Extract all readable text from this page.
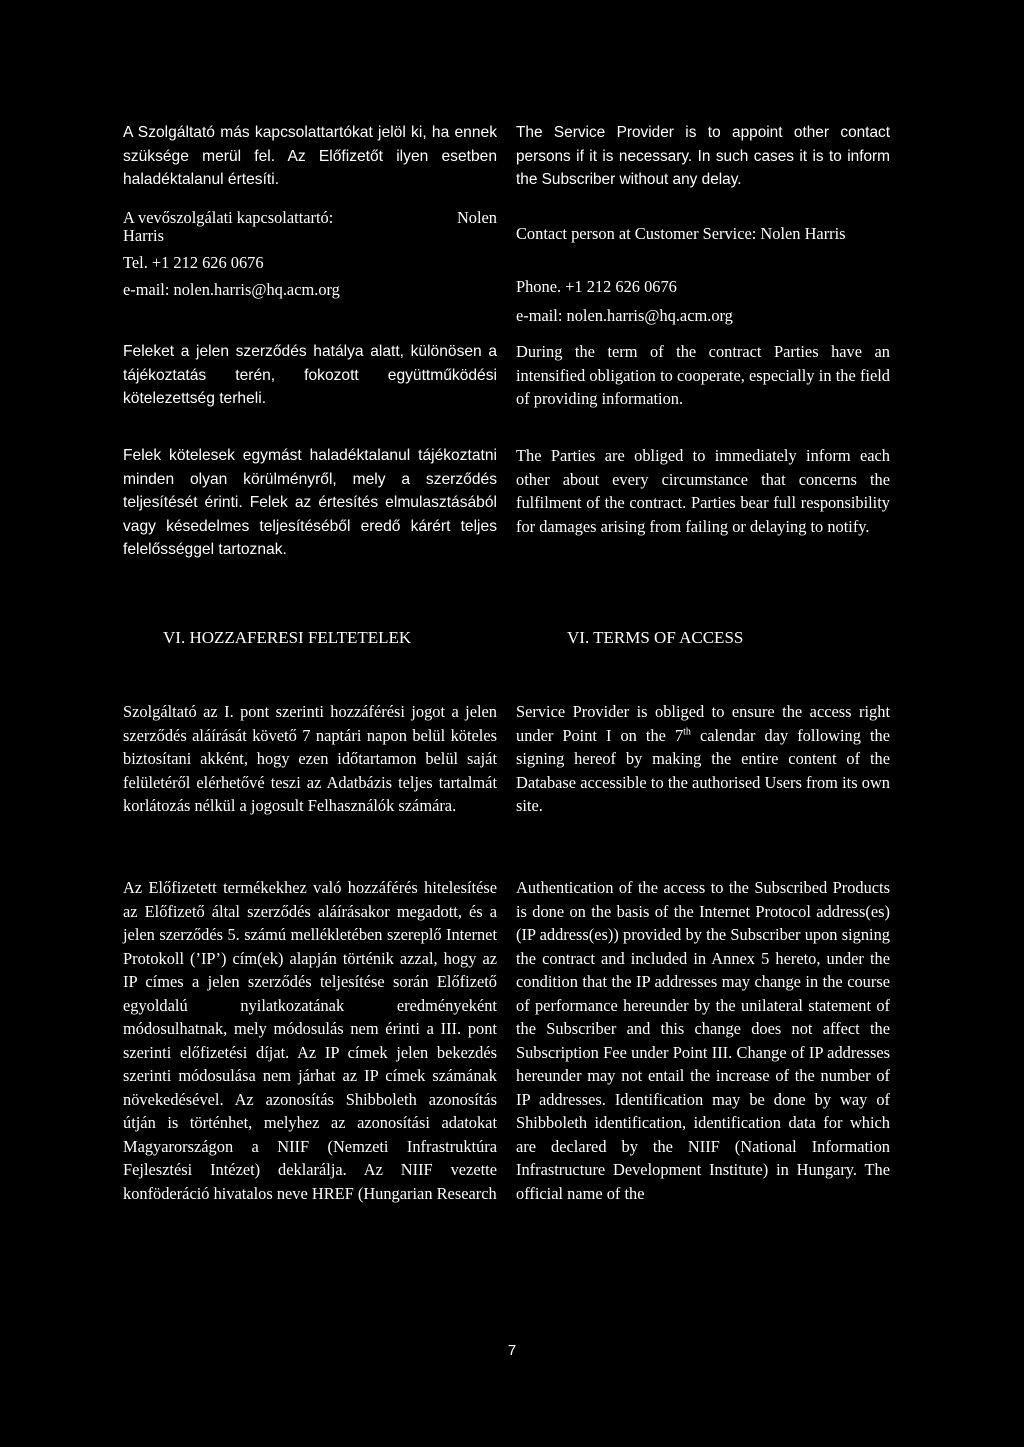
A Szolgáltató más kapcsolattartókat jelöl ki, ha ennek szüksége merül fel. Az Előfizetőt ilyen esetben haladéktalanul értesíti.

A vevőszolgálati kapcsolattartó:	Nolen
Harris
Tel. +1 212 626 0676
e-mail: nolen.harris@hq.acm.org

Feleket a jelen szerződés hatálya alatt, különösen a tájékoztatás terén, fokozott együttműködési kötelezettség terheli.

Felek kötelesek egymást haladéktalanul tájékoztatni minden olyan körülményről, mely a szerződés teljesítését érinti. Felek az értesítés elmulasztásából vagy késedelmes teljesítéséből eredő kárért teljes felelősséggel tartoznak.

Szolgáltató az I. pont szerinti hozzáférési jogot a jelen szerződés aláírását követő 7 naptári napon belül köteles biztosítani akként, hogy ezen időtartamon belül saját felületéről elérhetővé teszi az Adatbázis teljes tartalmát korlátozás nélkül a jogosult Felhasználók számára.

Az Előfizetett termékekhez való hozzáférés hitelesítése az Előfizető által szerződés aláírásakor megadott, és a jelen szerződés 5. számú mellékletében szereplő Internet Protokoll (’IP’) cím(ek) alapján történik azzal, hogy az IP címes a jelen szerződés teljesítése során Előfizető egyoldalú nyilatkozatának eredményeként módosulhatnak, mely módosulás nem érinti a III. pont szerinti előfizetési díjat. Az IP címek jelen bekezdés szerinti módosulása nem járhat az IP címek számának növekedésével. Az azonosítás Shibboleth azonosítás útján is történhet, melyhez az azonosítási adatokat Magyarországon a NIIF (Nemzeti Infrastruktúra Fejlesztési Intézet) deklarálja. Az NIIF vezette konföderáció hivatalos neve HREF (Hungarian Research

The Service Provider is to appoint other contact persons if it is necessary. In such cases it is to inform the Subscriber without any delay.

Contact person at Customer Service: Nolen Harris

Phone. +1 212 626 0676
e-mail: nolen.harris@hq.acm.org

During the term of the contract Parties have an intensified obligation to cooperate, especially in the field of providing information.

The Parties are obliged to immediately inform each other about every circumstance that concerns the fulfilment of the contract. Parties bear full responsibility for damages arising from failing or delaying to notify.

Service Provider is obliged to ensure the access right under Point I on the 7th calendar day following the signing hereof by making the entire content of the Database accessible to the authorised Users from its own site.

Authentication of the access to the Subscribed Products is done on the basis of the Internet Protocol address(es) (IP address(es)) provided by the Subscriber upon signing the contract and included in Annex 5 hereto, under the condition that the IP addresses may change in the course of performance hereunder by the unilateral statement of the Subscriber and this change does not affect the Subscription Fee under Point III. Change of IP addresses hereunder may not entail the increase of the number of IP addresses. Identification may be done by way of Shibboleth identification, identification data for which are declared by the NIIF (National Information Infrastructure Development Institute) in Hungary. The official name of the

VI. HOZZAFERESI FELTETELEK	VI. TERMS OF ACCESS
7
